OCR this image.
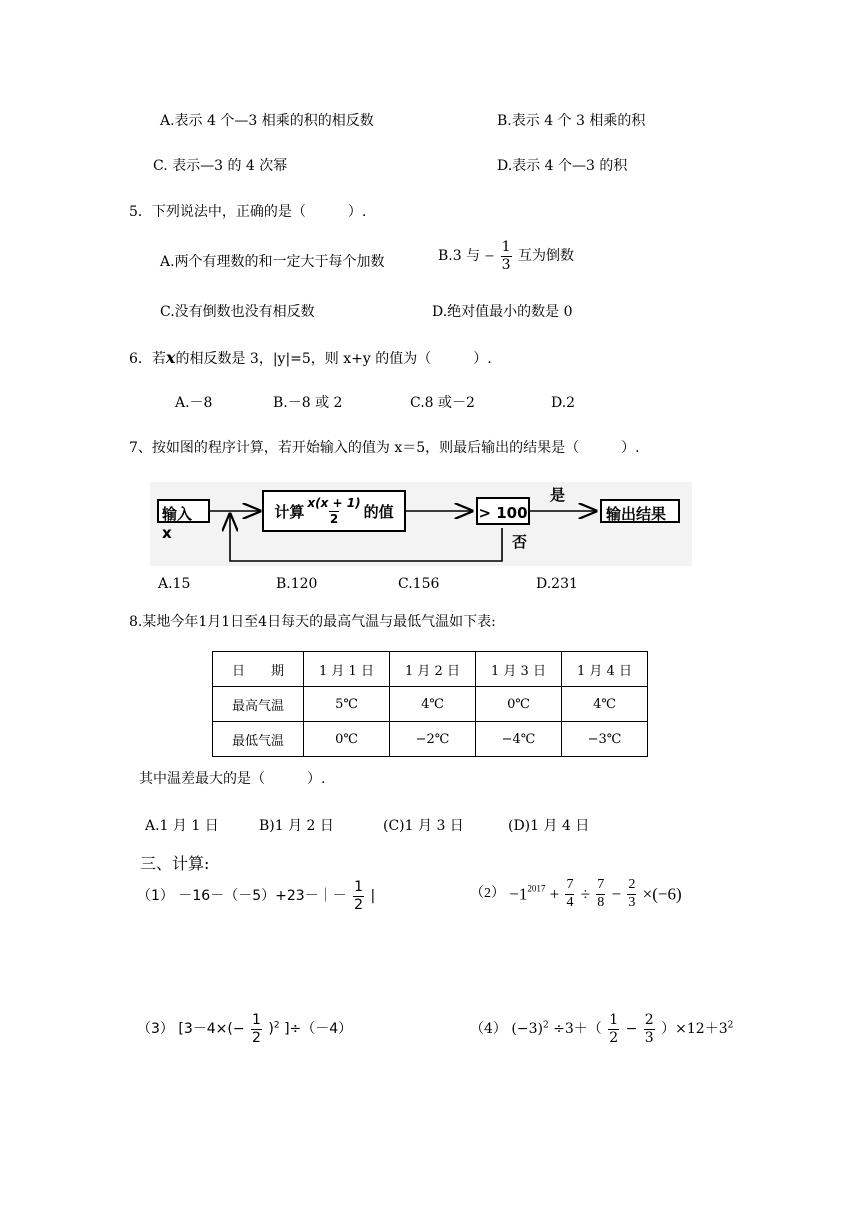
A.表示 4 个—3 相乘的积的相反数	B.表示 4 个 3 相乘的积
C. 表示—3 的 4 次幂	D.表示 4 个—3 的积
5．下列说法中，正确的是（　　　）.
A.两个有理数的和一定大于每个加数	B.3 与 − $\frac{1}{3}$ 互为倒数
C.没有倒数也没有相反数	D.绝对值最小的数是 0
6．若x的相反数是 3，|y|=5，则 x+y 的值为（　　　）.
A.－8	B.－8 或 2	C.8 或－2	D.2
7、按如图的程序计算，若开始输入的值为 x＝5，则最后输出的结果是（　　　）.
输入 x
计算 $\frac{x(x + 1)}{2}$ 的值	> 100
是
否
输出结果
A.15	B.120	C.156	D.231
8.某地今年1月1日至4日每天的最高气温与最低气温如下表:
日　　期	1 月 1 日	1 月 2 日	1 月 3 日	1 月 4 日
最高气温	5℃	4℃	0℃	4℃
最低气温	0℃	−2℃	−4℃	−3℃
其中温差最大的是（　　　）.
A.1 月 1 日	B)1 月 2 日	(C)1 月 3 日	(D)1 月 4 日
三、计算:
（1） －16－（－5）+23－｜－ $\frac{1}{2}$ |	$(2) -1^{2017} + \frac{7}{4} \div \frac{7}{8} - \frac{2}{3} \times(-6)$
（3） [$3-4\times(- \frac{1}{2} )^2$ ]÷（－4）	（4） $(-3)^2 \div 3+( \frac{1}{2} - \frac{2}{3} )\times 12+3^2$
